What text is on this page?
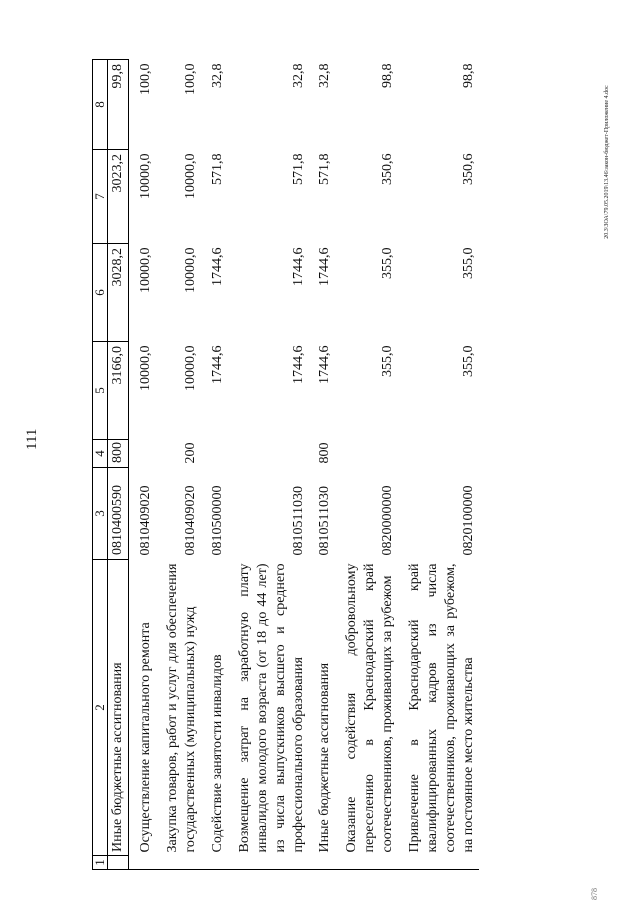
111
20.3\ЗОА\79.05.2019\13.46\закон-бюджет-Приложение 4.doc
878
1	2	3	4	5	6	7	8
	Иные бюджетные ассигнования	0810400590	800	3166,0	3028,2	3023,2	99,8
	Осуществление капитального ремонта	0810409020		10000,0	10000,0	10000,0	100,0
	Закупка товаров, работ и услуг для обеспечения государственных (муниципальных) нужд	0810409020	200	10000,0	10000,0	10000,0	100,0
	Содействие занятости инвалидов	0810500000		1744,6	1744,6	571,8	32,8
	Возмещение затрат на заработную плату инвалидов молодого возраста (от 18 до 44 лет) из числа выпускников высшего и среднего профессионального образования	0810511030		1744,6	1744,6	571,8	32,8
	Иные бюджетные ассигнования	0810511030	800	1744,6	1744,6	571,8	32,8
	Оказание содействия добровольному переселению в Краснодарский край соотечественников, проживающих за рубежом	0820000000		355,0	355,0	350,6	98,8
	Привлечение в Краснодарский край квалифицированных кадров из числа соотечественников, проживающих за рубежом, на постоянное место жительства	0820100000		355,0	355,0	350,6	98,8
